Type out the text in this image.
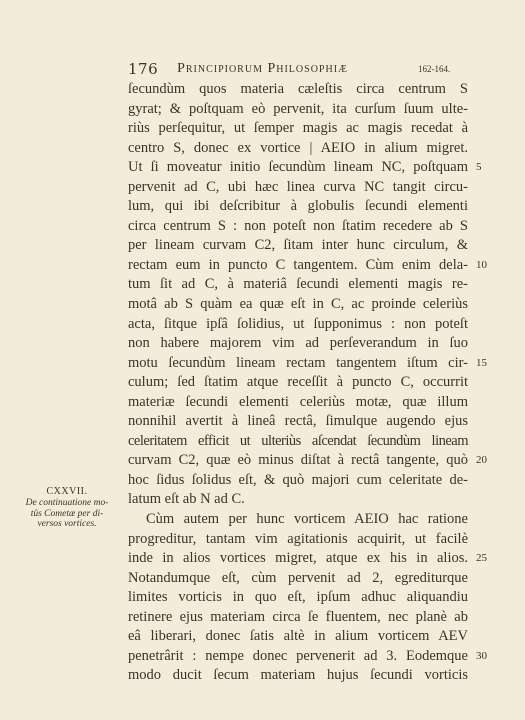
176	Principiorum Philosophiæ	162-164.
CXXVII.
De continuatione mo-
tûs Cometæ per di-
versos vortices.
ſecundùm quos materia cæleſtis circa centrum S
gyrat; & poſtquam eò pervenit, ita curſum ſuum ulte-
riùs perſequitur, ut ſemper magis ac magis recedat à
centro S, donec ex vortice | AEIO in alium migret.
Ut ſi moveatur initio ſecundùm lineam NC, poſtquam 5
pervenit ad C, ubi hæc linea curva NC tangit circu-
lum, qui ibi deſcribitur à globulis ſecundi elementi
circa centrum S : non poteſt non ſtatim recedere ab S
per lineam curvam C2, ſitam inter hunc circulum, &
rectam eum in puncto C tangentem. Cùm enim dela- 10
tum ſit ad C, à materiâ ſecundi elementi magis re-
motâ ab S quàm ea quæ eſt in C, ac proinde celeriùs
acta, ſitque ipſâ ſolidius, ut ſupponimus : non poteſt
non habere majorem vim ad perſeverandum in ſuo
motu ſecundùm lineam rectam tangentem iſtum cir- 15
culum; ſed ſtatim atque receſſit à puncto C, occurrit
materiæ ſecundi elementi celeriùs motæ, quæ illum
nonnihil avertit à lineâ rectâ, ſimulque augendo ejus
celeritatem efficit ut ulteriùs aſcendat ſecundùm lineam
curvam C2, quæ eò minus diſtat à rectâ tangente, quò 20
hoc ſidus ſolidus eſt, & quò majori cum celeritate de-
latum eſt ab N ad C.
Cùm autem per hunc vorticem AEIO hac ratione
progreditur, tantam vim agitationis acquirit, ut facilè
inde in alios vortices migret, atque ex his in alios. 25
Notandumque eſt, cùm pervenit ad 2, egrediturque
limites vorticis in quo eſt, ipſum adhuc aliquandiu
retinere ejus materiam circa ſe fluentem, nec planè ab
eâ liberari, donec ſatis altè in alium vorticem AEV
penetrârit : nempe donec pervenerit ad 3. Eodemque 30
modo ducit ſecum materiam hujus ſecundi vorticis
